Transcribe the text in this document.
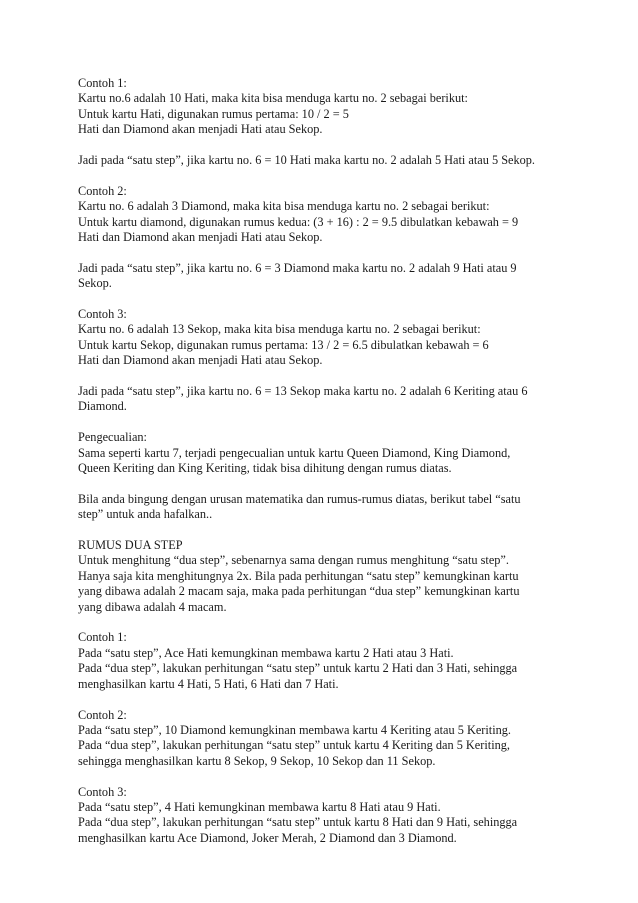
Contoh 1:
Kartu no.6 adalah 10 Hati, maka kita bisa menduga kartu no. 2 sebagai berikut:
Untuk kartu Hati, digunakan rumus pertama: 10 / 2 = 5
Hati dan Diamond akan menjadi Hati atau Sekop.
Jadi pada “satu step”, jika kartu no. 6 = 10 Hati maka kartu no. 2 adalah 5 Hati atau 5 Sekop.
Contoh 2:
Kartu no. 6 adalah 3 Diamond, maka kita bisa menduga kartu no. 2 sebagai berikut:
Untuk kartu diamond, digunakan rumus kedua: (3 + 16) : 2 = 9.5 dibulatkan kebawah = 9
Hati dan Diamond akan menjadi Hati atau Sekop.
Jadi pada “satu step”, jika kartu no. 6 = 3 Diamond maka kartu no. 2 adalah 9 Hati atau 9
Sekop.
Contoh 3:
Kartu no. 6 adalah 13 Sekop, maka kita bisa menduga kartu no. 2 sebagai berikut:
Untuk kartu Sekop, digunakan rumus pertama: 13 / 2 = 6.5 dibulatkan kebawah = 6
Hati dan Diamond akan menjadi Hati atau Sekop.
Jadi pada “satu step”, jika kartu no. 6 = 13 Sekop maka kartu no. 2 adalah 6 Keriting atau 6
Diamond.
Pengecualian:
Sama seperti kartu 7, terjadi pengecualian untuk kartu Queen Diamond, King Diamond,
Queen Keriting dan King Keriting, tidak bisa dihitung dengan rumus diatas.
Bila anda bingung dengan urusan matematika dan rumus-rumus diatas, berikut tabel “satu
step” untuk anda hafalkan..
RUMUS DUA STEP
Untuk menghitung “dua step”, sebenarnya sama dengan rumus menghitung “satu step”.
Hanya saja kita menghitungnya 2x. Bila pada perhitungan “satu step” kemungkinan kartu
yang dibawa adalah 2 macam saja, maka pada perhitungan “dua step” kemungkinan kartu
yang dibawa adalah 4 macam.
Contoh 1:
Pada “satu step”, Ace Hati kemungkinan membawa kartu 2 Hati atau 3 Hati.
Pada “dua step”, lakukan perhitungan “satu step” untuk kartu 2 Hati dan 3 Hati, sehingga
menghasilkan kartu 4 Hati, 5 Hati, 6 Hati dan 7 Hati.
Contoh 2:
Pada “satu step”, 10 Diamond kemungkinan membawa kartu 4 Keriting atau 5 Keriting.
Pada “dua step”, lakukan perhitungan “satu step” untuk kartu 4 Keriting dan 5 Keriting,
sehingga menghasilkan kartu 8 Sekop, 9 Sekop, 10 Sekop dan 11 Sekop.
Contoh 3:
Pada “satu step”, 4 Hati kemungkinan membawa kartu 8 Hati atau 9 Hati.
Pada “dua step”, lakukan perhitungan “satu step” untuk kartu 8 Hati dan 9 Hati, sehingga
menghasilkan kartu Ace Diamond, Joker Merah, 2 Diamond dan 3 Diamond.
